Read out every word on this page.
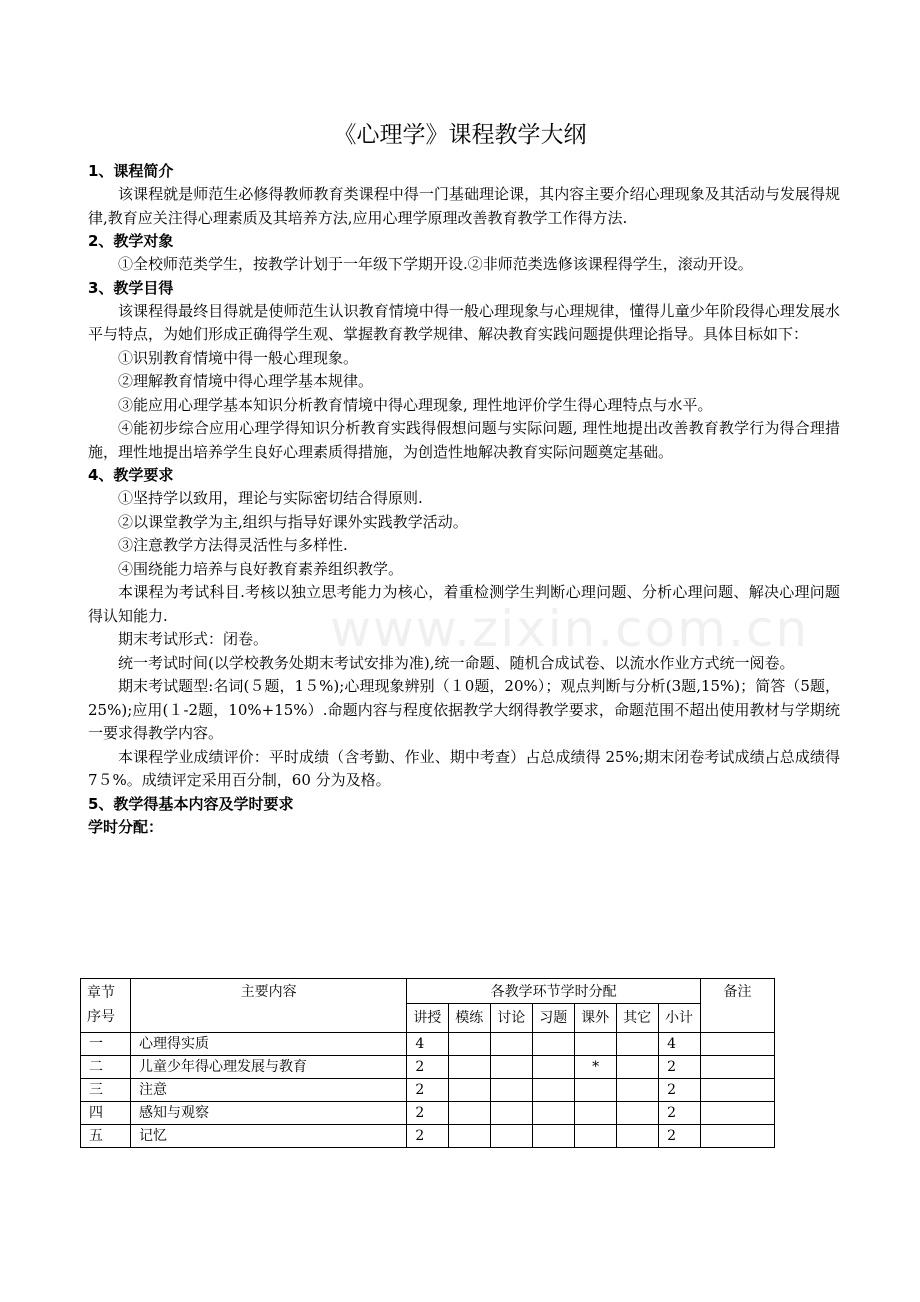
《心理学》课程教学大纲
1、课程简介
该课程就是师范生必修得教师教育类课程中得一门基础理论课，其内容主要介绍心理现象及其活动与发展得规律,教育应关注得心理素质及其培养方法,应用心理学原理改善教育教学工作得方法.
2、教学对象
①全校师范类学生，按教学计划于一年级下学期开设.②非师范类选修该课程得学生，滚动开设。
3、教学目得
该课程得最终目得就是使师范生认识教育情境中得一般心理现象与心理规律，懂得儿童少年阶段得心理发展水平与特点，为她们形成正确得学生观、掌握教育教学规律、解决教育实践问题提供理论指导。具体目标如下：
①识别教育情境中得一般心理现象。
②理解教育情境中得心理学基本规律。
③能应用心理学基本知识分析教育情境中得心理现象, 理性地评价学生得心理特点与水平。
④能初步综合应用心理学得知识分析教育实践得假想问题与实际问题, 理性地提出改善教育教学行为得合理措施，理性地提出培养学生良好心理素质得措施，为创造性地解决教育实际问题奠定基础。
4、教学要求
①坚持学以致用，理论与实际密切结合得原则.
②以课堂教学为主,组织与指导好课外实践教学活动。
③注意教学方法得灵活性与多样性.
④围绕能力培养与良好教育素养组织教学。
本课程为考试科目.考核以独立思考能力为核心，着重检测学生判断心理问题、分析心理问题、解决心理问题得认知能力.
期末考试形式：闭卷。
统一考试时间(以学校教务处期末考试安排为准),统一命题、随机合成试卷、以流水作业方式统一阅卷。
期末考试题型:名词(５题，1５%);心理现象辨别（１0题，20%）；观点判断与分析(3题,15%)；简答（5题，25%);应用(１-2题，10%+15%）.命题内容与程度依据教学大纲得教学要求，命题范围不超出使用教材与学期统一要求得教学内容。
本课程学业成绩评价：平时成绩（含考勤、作业、期中考查）占总成绩得 25%;期末闭卷考试成绩占总成绩得 7５%。成绩评定采用百分制，60 分为及格。
5、教学得基本内容及学时要求
学时分配：
章节序号	主要内容	各教学环节学时分配							备注
		讲授	模练	讨论	习题	课外	其它	小计	
一	心理得实质	4						4	
二	儿童少年得心理发展与教育	2				*		2	
三	注意	2						2	
四	感知与观察	2						2	
五	记忆	2						2	
www.zixin.com.cn
